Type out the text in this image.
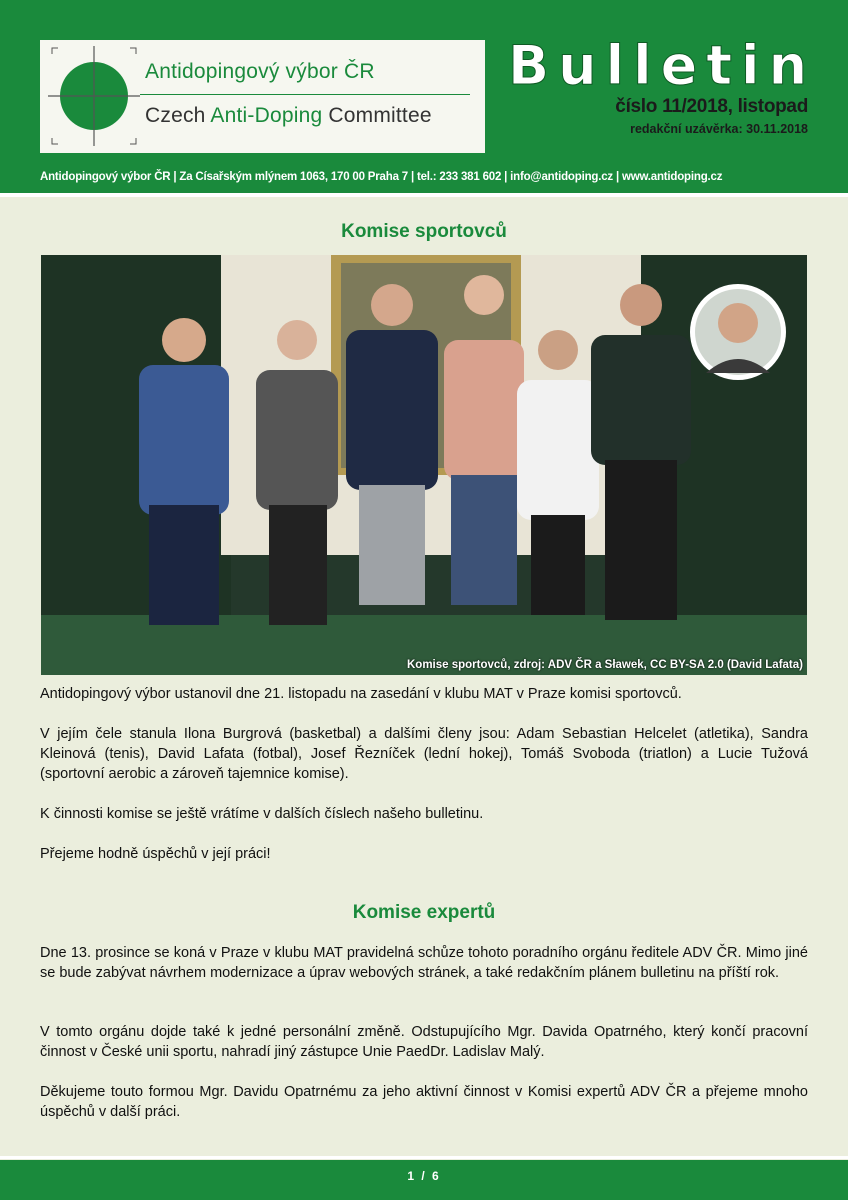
Antidopingový výbor ČR
Czech Anti-Doping Committee
Bulletin
číslo 11/2018, listopad
redakční uzávěrka: 30.11.2018
Antidopingový výbor ČR | Za Císařským mlýnem 1063, 170 00 Praha 7 | tel.: 233 381 602 | info@antidoping.cz | www.antidoping.cz
Komise sportovců
Komise sportovců, zdroj: ADV ČR a Sławek, CC BY-SA 2.0 (David Lafata)
Antidopingový výbor ustanovil dne 21. listopadu na zasedání v klubu MAT v Praze komisi sportovců.
V jejím čele stanula Ilona Burgrová (basketbal) a dalšími členy jsou: Adam Sebastian Helcelet (atletika), Sandra Kleinová (tenis), David Lafata (fotbal), Josef Řezníček (lední hokej), Tomáš Svoboda (triatlon) a Lucie Tužová (sportovní aerobic a zároveň tajemnice komise).
K činnosti komise se ještě vrátíme v dalších číslech našeho bulletinu.
Přejeme hodně úspěchů v její práci!
Komise expertů
Dne 13. prosince se koná v Praze v klubu MAT pravidelná schůze tohoto poradního orgánu ředitele ADV ČR. Mimo jiné se bude zabývat návrhem modernizace a úprav webových stránek, a také redakčním plánem bulletinu na příští rok.
V tomto orgánu dojde také k jedné personální změně. Odstupujícího Mgr. Davida Opatrného, který končí pracovní činnost v České unii sportu, nahradí jiný zástupce Unie PaedDr. Ladislav Malý.
Děkujeme touto formou Mgr. Davidu Opatrnému za jeho aktivní činnost v Komisi expertů ADV ČR a přejeme mnoho úspěchů v další práci.
1 / 6
